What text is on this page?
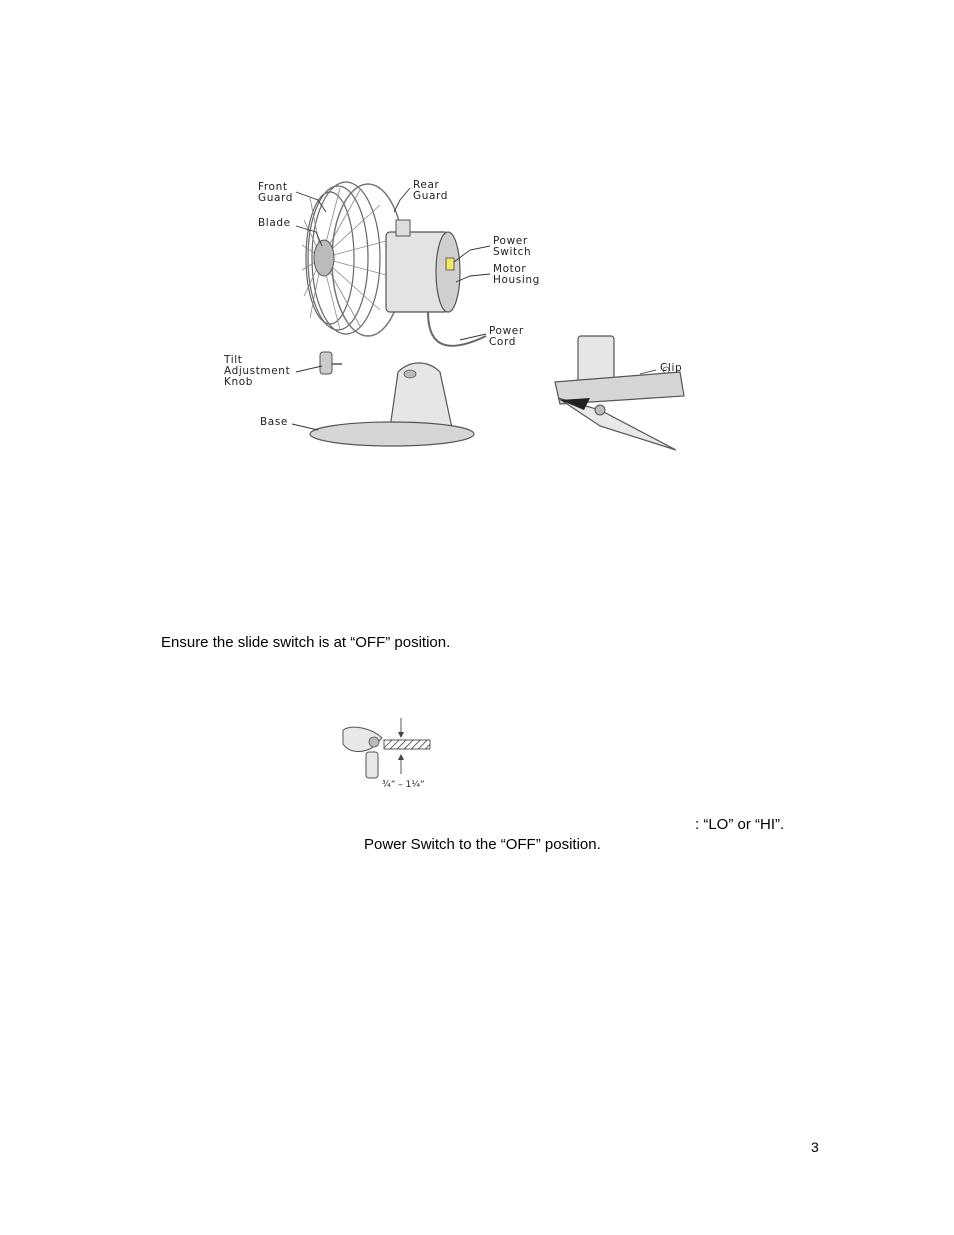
Front
Guard
Rear
Guard
Blade
Power
Switch
Motor
Housing
Power
Cord
Tilt
Adjustment
Knob
Base
Clip
Ensure the slide switch is at “OFF” position.
¾” – 1¼”
: “LO” or “HI”.
Power Switch to the “OFF” position.
3
